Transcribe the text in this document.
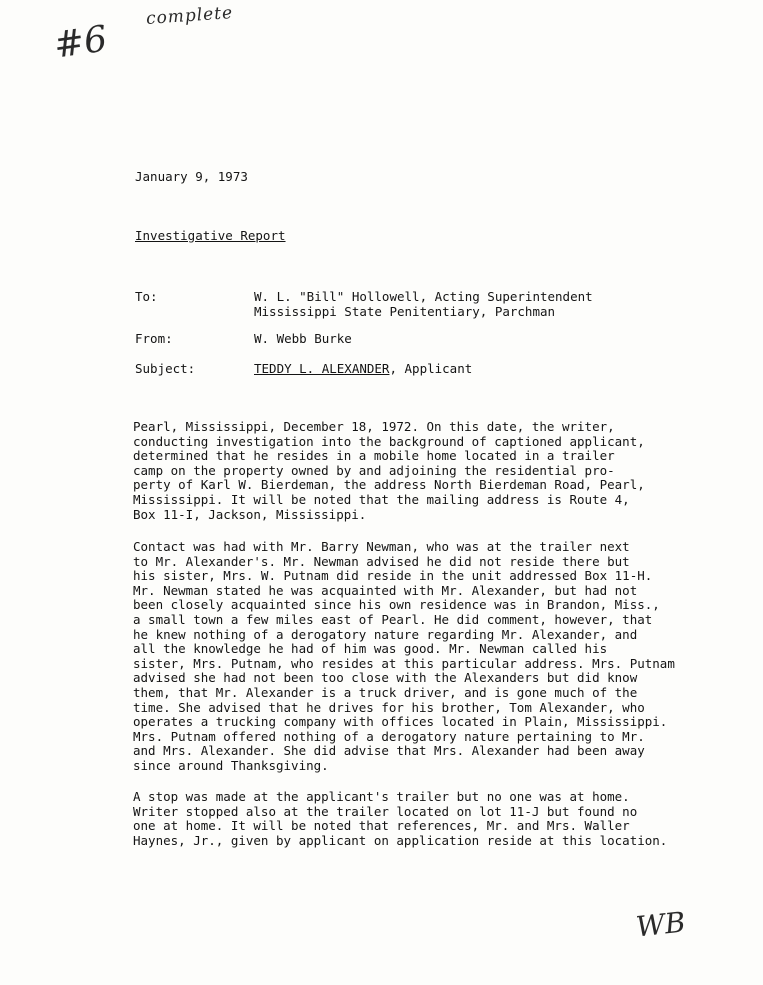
#6
complete
January 9, 1973
Investigative Report
To:	W. L. "Bill" Hollowell, Acting Superintendent
Mississippi State Penitentiary, Parchman
From:	W. Webb Burke
Subject:	TEDDY L. ALEXANDER, Applicant
Pearl, Mississippi, December 18, 1972. On this date, the writer,
conducting investigation into the background of captioned applicant,
determined that he resides in a mobile home located in a trailer
camp on the property owned by and adjoining the residential pro-
perty of Karl W. Bierdeman, the address North Bierdeman Road, Pearl,
Mississippi. It will be noted that the mailing address is Route 4,
Box 11-I, Jackson, Mississippi.
Contact was had with Mr. Barry Newman, who was at the trailer next
to Mr. Alexander's. Mr. Newman advised he did not reside there but
his sister, Mrs. W. Putnam did reside in the unit addressed Box 11-H.
Mr. Newman stated he was acquainted with Mr. Alexander, but had not
been closely acquainted since his own residence was in Brandon, Miss.,
a small town a few miles east of Pearl. He did comment, however, that
he knew nothing of a derogatory nature regarding Mr. Alexander, and
all the knowledge he had of him was good. Mr. Newman called his
sister, Mrs. Putnam, who resides at this particular address. Mrs. Putnam
advised she had not been too close with the Alexanders but did know
them, that Mr. Alexander is a truck driver, and is gone much of the
time. She advised that he drives for his brother, Tom Alexander, who
operates a trucking company with offices located in Plain, Mississippi.
Mrs. Putnam offered nothing of a derogatory nature pertaining to Mr.
and Mrs. Alexander. She did advise that Mrs. Alexander had been away
since around Thanksgiving.
A stop was made at the applicant's trailer but no one was at home.
Writer stopped also at the trailer located on lot 11-J but found no
one at home. It will be noted that references, Mr. and Mrs. Waller
Haynes, Jr., given by applicant on application reside at this location.
WB
